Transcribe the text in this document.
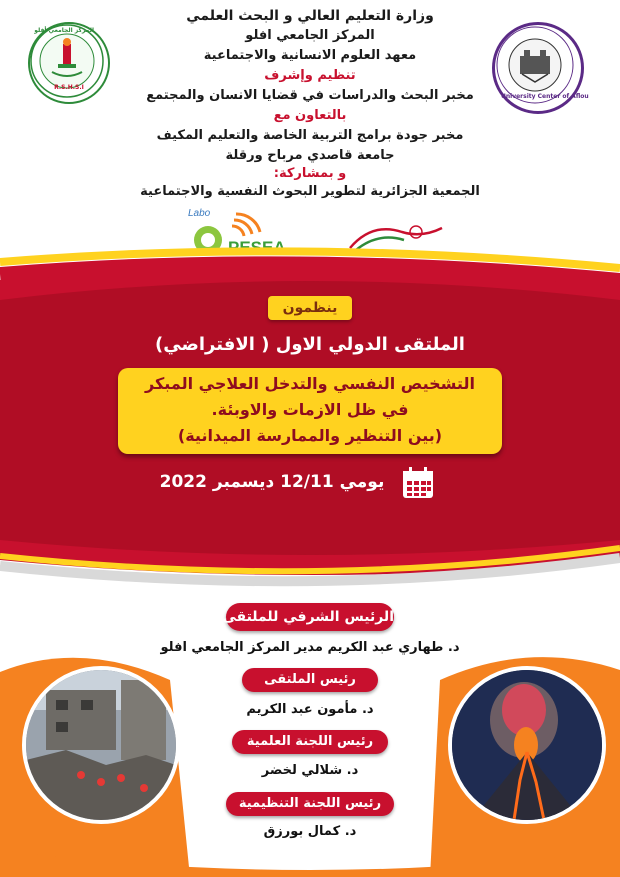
المركز الجامعي أفلو
R.S.H.S.I
University Center of Aflou
وزارة التعليم العالي و البحث العلمي
المركز الجامعي افلو
معهد العلوم الانسانية والاجتماعية
تنظيم وإشرف
مخبر البحث والدراسات في قضايا الانسان والمجتمع
بالتعاون مع
مخبر جودة برامج التربية الخاصة والتعليم المكيف
جامعة قاصدي مرباح ورقلة
و بمشاركة:
الجمعية الجزائرية لتطوير البحوث النفسية والاجتماعية
Labo
PESEA
ينظمون
الملتقى الدولي الاول ( الافتراضي)
التشخيص النفسي والتدخل العلاجي المبكر
في ظل الازمات والاوبئة.
(بين التنظير والممارسة الميدانية)
يومي 12/11 ديسمبر 2022
الرئيس الشرفي للملتقى
د. طهاري عبد الكريم مدير المركز الجامعي افلو
رئيس الملتقى
د. مأمون عبد الكريم
رئيس اللجنة العلمية
د. شلالي لخضر
رئيس اللجنة التنظيمية
د. كمال بورزق
